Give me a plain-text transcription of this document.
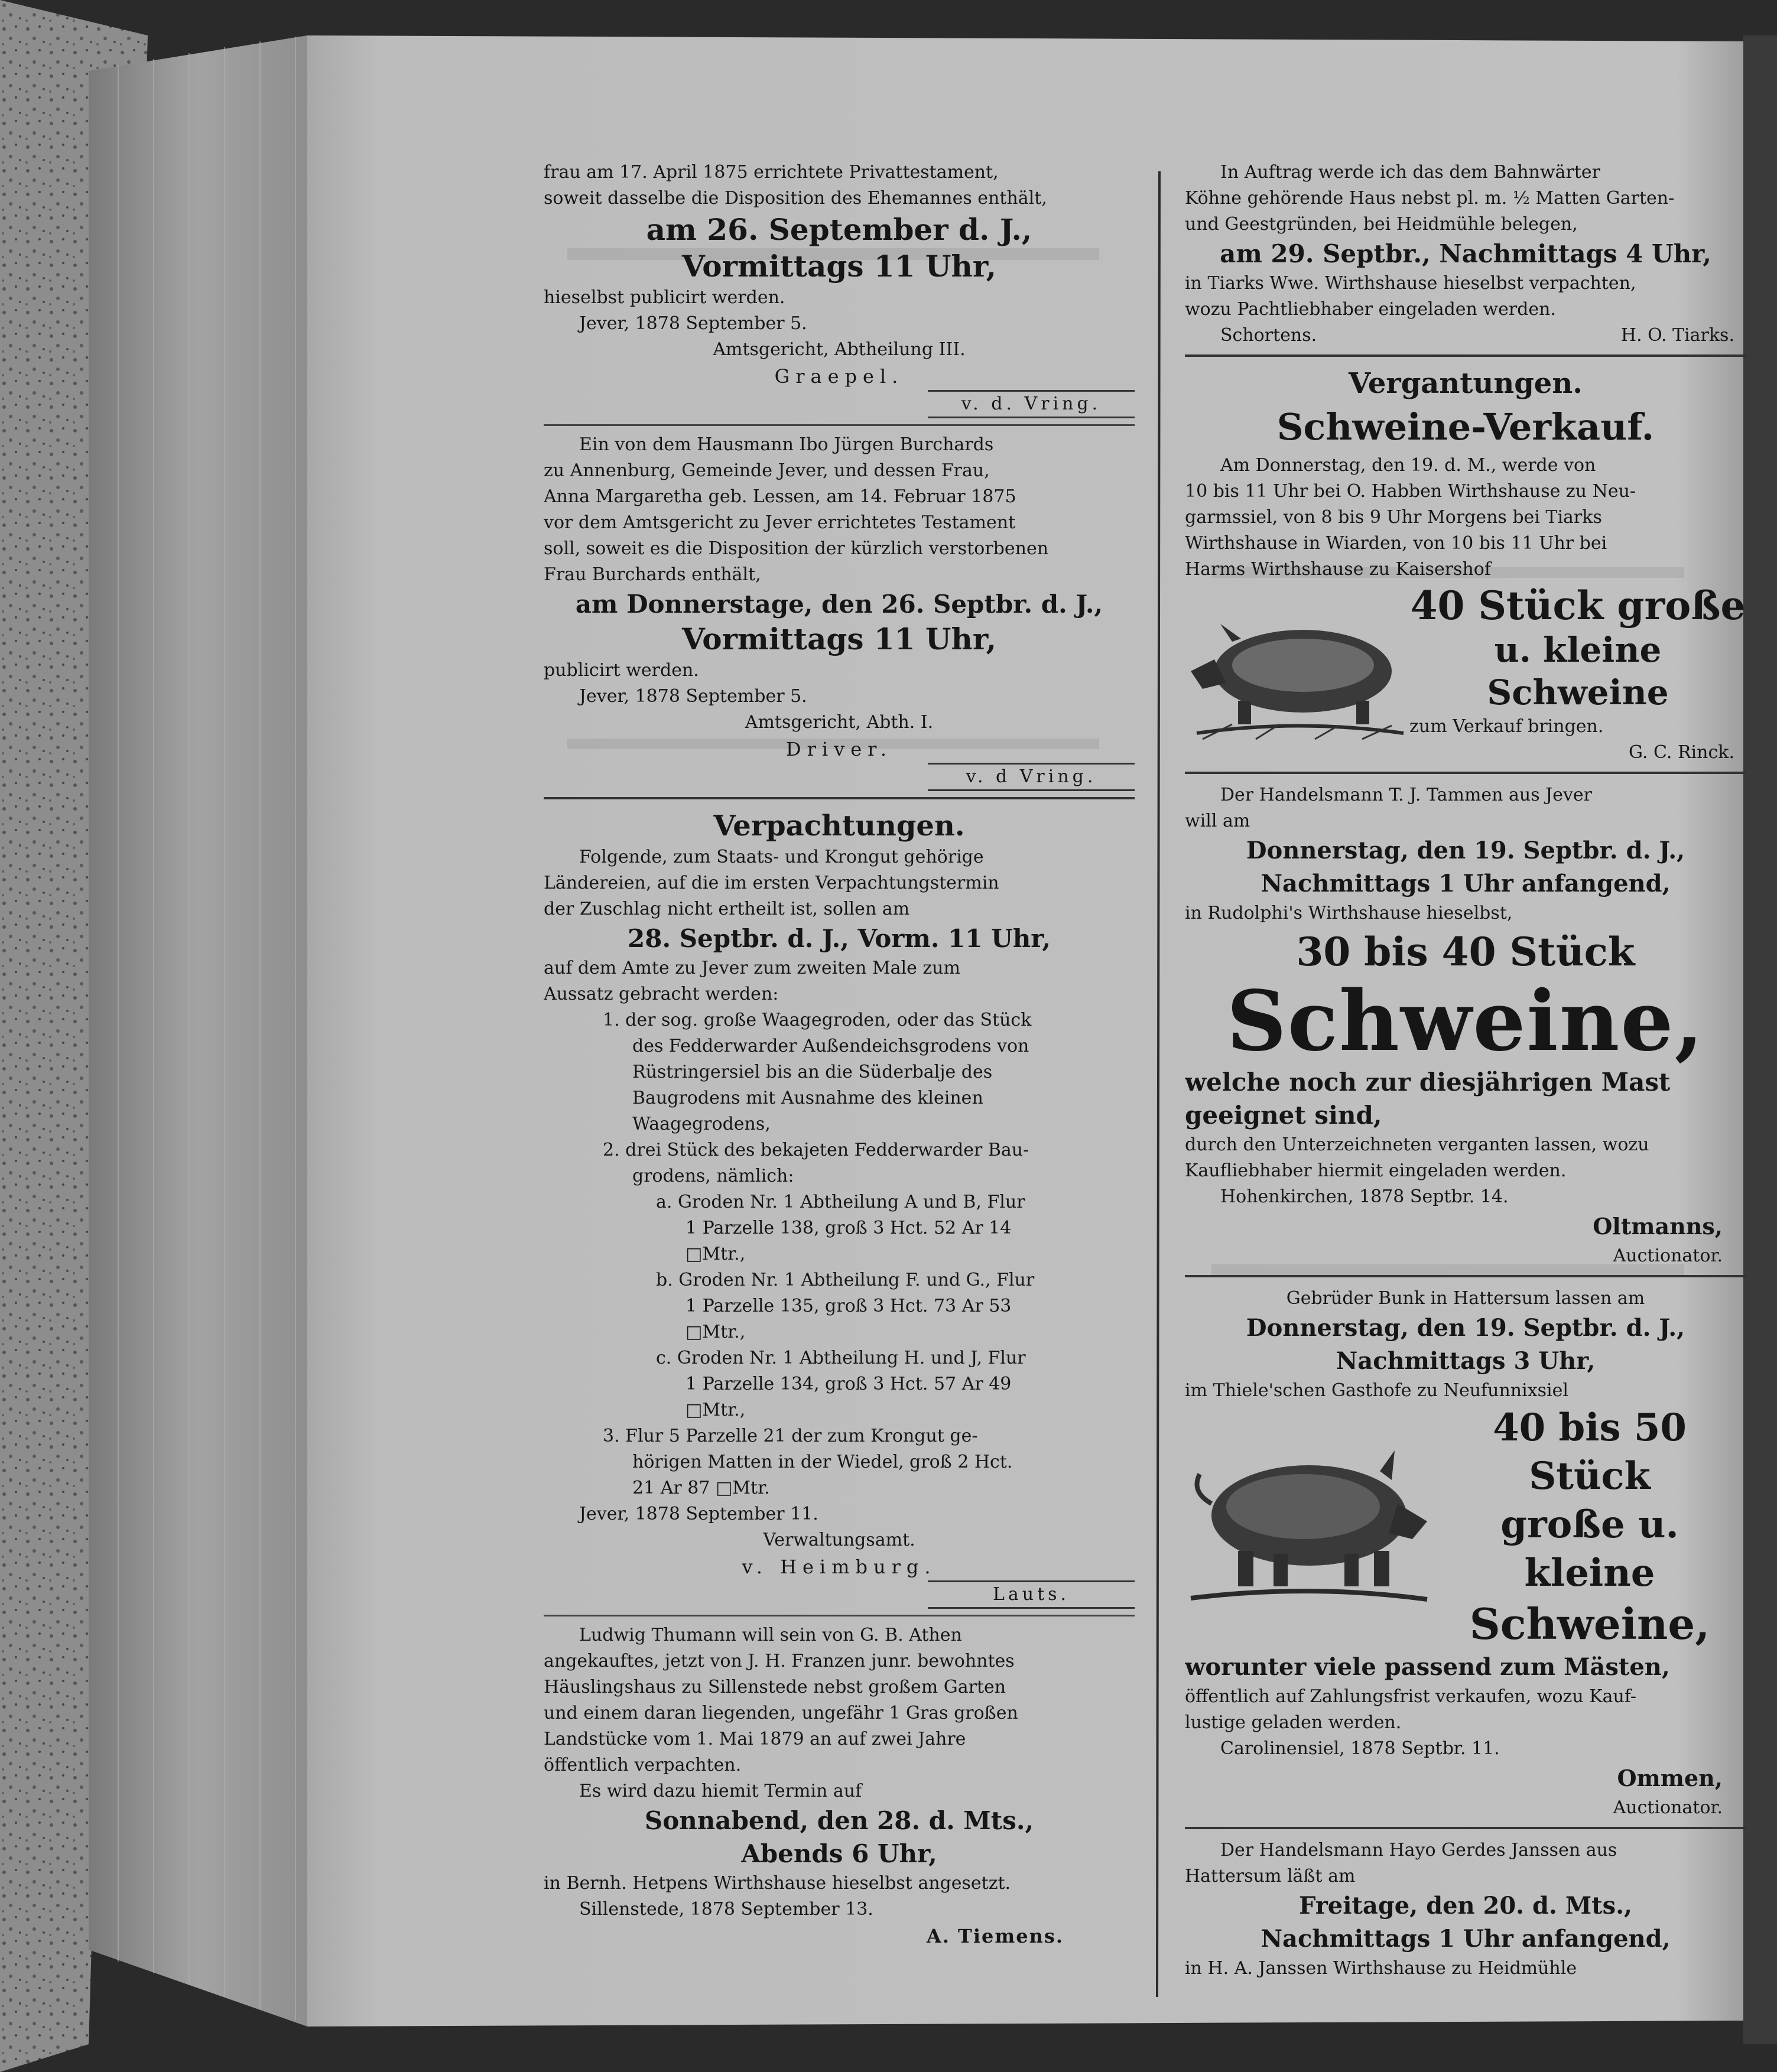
frau am 17. April 1875 errichtete Privattestament,

soweit dasselbe die Disposition des Ehemannes enthält,

am 26. September d. J.,

Vormittags 11 Uhr,

hieselbst publicirt werden.

Jever, 1878 September 5.

Amtsgericht, Abtheilung III.

Graepel.

v. d. Vring.

Ein von dem Hausmann Ibo Jürgen Burchards

zu Annenburg, Gemeinde Jever, und dessen Frau,

Anna Margaretha geb. Lessen, am 14. Februar 1875

vor dem Amtsgericht zu Jever errichtetes Testament

soll, soweit es die Disposition der kürzlich verstorbenen

Frau Burchards enthält,

am Donnerstage, den 26. Septbr. d. J.,

Vormittags 11 Uhr,

publicirt werden.

Jever, 1878 September 5.

Amtsgericht, Abth. I.

Driver.

v. d Vring.

Verpachtungen.

Folgende, zum Staats- und Krongut gehörige

Ländereien, auf die im ersten Verpachtungstermin

der Zuschlag nicht ertheilt ist, sollen am

28. Septbr. d. J., Vorm. 11 Uhr,

auf dem Amte zu Jever zum zweiten Male zum

Aussatz gebracht werden:

1. der sog. große Waagegroden, oder das Stück

des Fedderwarder Außendeichsgrodens von

Rüstringersiel bis an die Süderbalje des

Baugrodens mit Ausnahme des kleinen

Waagegrodens,

2. drei Stück des bekajeten Fedderwarder Bau-

grodens, nämlich:

a. Groden Nr. 1 Abtheilung A und B, Flur

1 Parzelle 138, groß 3 Hct. 52 Ar 14

□Mtr.,

b. Groden Nr. 1 Abtheilung F. und G., Flur

1 Parzelle 135, groß 3 Hct. 73 Ar 53

□Mtr.,

c. Groden Nr. 1 Abtheilung H. und J, Flur

1 Parzelle 134, groß 3 Hct. 57 Ar 49

□Mtr.,

3. Flur 5 Parzelle 21 der zum Krongut ge-

hörigen Matten in der Wiedel, groß 2 Hct.

21 Ar 87 □Mtr.

Jever, 1878 September 11.

Verwaltungsamt.

v. Heimburg.

Lauts.

Ludwig Thumann will sein von G. B. Athen

angekauftes, jetzt von J. H. Franzen junr. bewohntes

Häuslingshaus zu Sillenstede nebst großem Garten

und einem daran liegenden, ungefähr 1 Gras großen

Landstücke vom 1. Mai 1879 an auf zwei Jahre

öffentlich verpachten.

Es wird dazu hiemit Termin auf

Sonnabend, den 28. d. Mts.,

Abends 6 Uhr,

in Bernh. Hetpens Wirthshause hieselbst angesetzt.

Sillenstede, 1878 September 13.

A. Tiemens.

In Auftrag werde ich das dem Bahnwärter

Köhne gehörende Haus nebst pl. m. ½ Matten Garten-

und Geestgründen, bei Heidmühle belegen,

am 29. Septbr., Nachmittags 4 Uhr,

in Tiarks Wwe. Wirthshause hieselbst verpachten,

wozu Pachtliebhaber eingeladen werden.

Schortens.	H. O. Tiarks.

Vergantungen.

Schweine-Verkauf.

Am Donnerstag, den 19. d. M., werde von

10 bis 11 Uhr bei O. Habben Wirthshause zu Neu-

garmssiel, von 8 bis 9 Uhr Morgens bei Tiarks

Wirthshause in Wiarden, von 10 bis 11 Uhr bei

Harms Wirthshause zu Kaisershof

40 Stück große

u. kleine Schweine

zum Verkauf bringen.

G. C. Rinck.

Der Handelsmann T. J. Tammen aus Jever

will am

Donnerstag, den 19. Septbr. d. J.,

Nachmittags 1 Uhr anfangend,

in Rudolphi's Wirthshause hieselbst,

30 bis 40 Stück

Schweine,

welche noch zur diesjährigen Mast

geeignet sind,

durch den Unterzeichneten verganten lassen, wozu

Kaufliebhaber hiermit eingeladen werden.

Hohenkirchen, 1878 Septbr. 14.

Oltmanns,

Auctionator.

Gebrüder Bunk in Hattersum lassen am

Donnerstag, den 19. Septbr. d. J.,

Nachmittags 3 Uhr,

im Thiele'schen Gasthofe zu Neufunnixsiel

40 bis 50 Stück

große u. kleine

Schweine,

worunter viele passend zum Mästen,

öffentlich auf Zahlungsfrist verkaufen, wozu Kauf-

lustige geladen werden.

Carolinensiel, 1878 Septbr. 11.

Ommen,

Auctionator.

Der Handelsmann Hayo Gerdes Janssen aus

Hattersum läßt am

Freitage, den 20. d. Mts.,

Nachmittags 1 Uhr anfangend,

in H. A. Janssen Wirthshause zu Heidmühle
